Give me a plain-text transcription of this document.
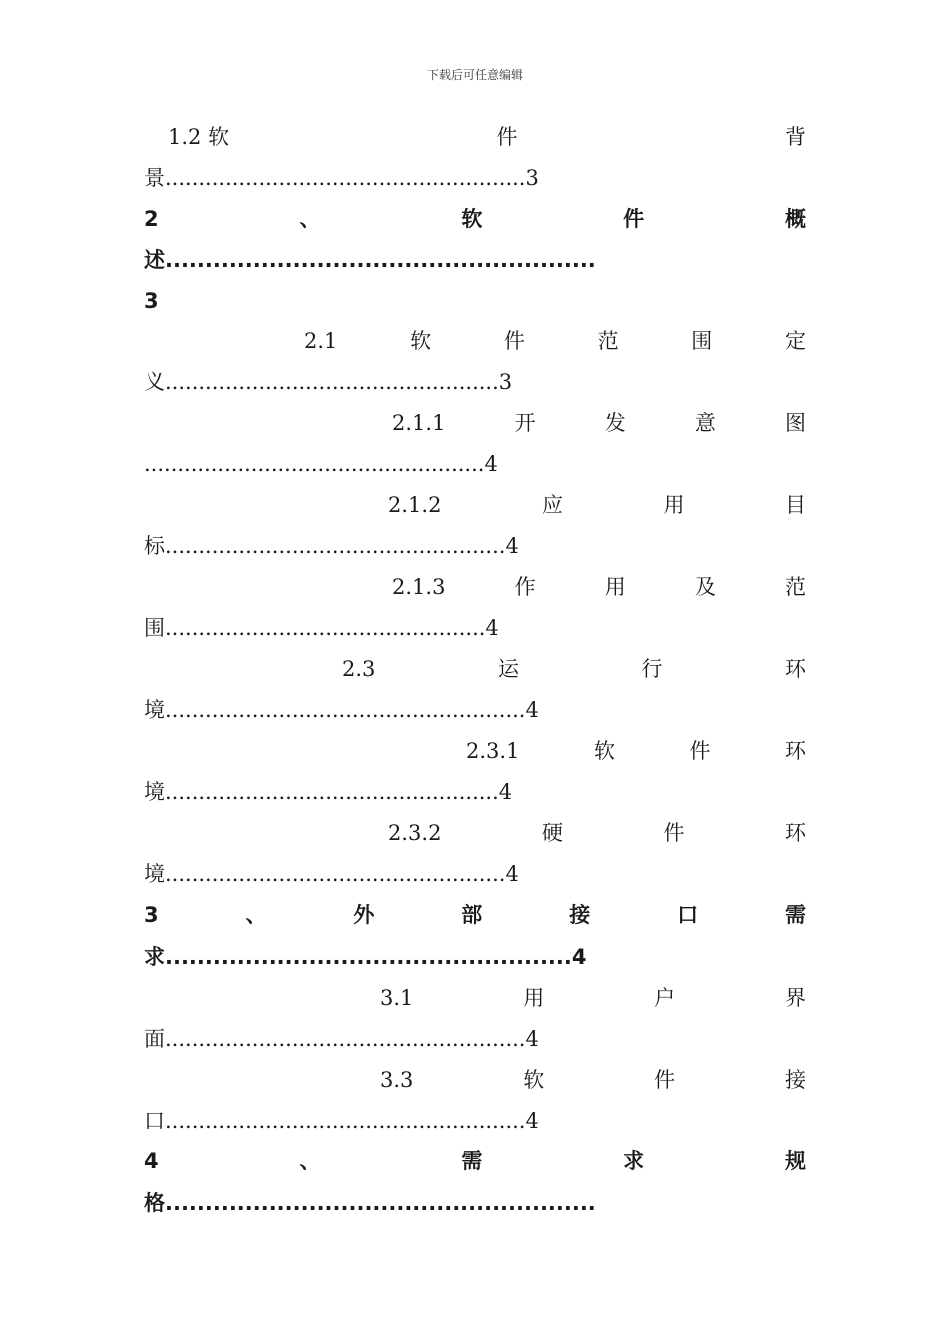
下载后可任意编辑
1.2 软	件	背
景......................................................3
2	、	软	件	概
述......................................................
3
2.1	软	件	范	围	定
义..................................................3
2.1.1	开	发	意	图
...................................................4
2.1.2	应	用	目
标...................................................4
2.1.3	作	用	及	范
围................................................4
2.3	运	行	环
境......................................................4
2.3.1	软	件	环
境..................................................4
2.3.2	硬	件	环
境...................................................4
3	、	外	部	接	口	需
求...................................................4
3.1	用	户	界
面......................................................4
3.3	软	件	接
口......................................................4
4	、	需	求	规
格......................................................
